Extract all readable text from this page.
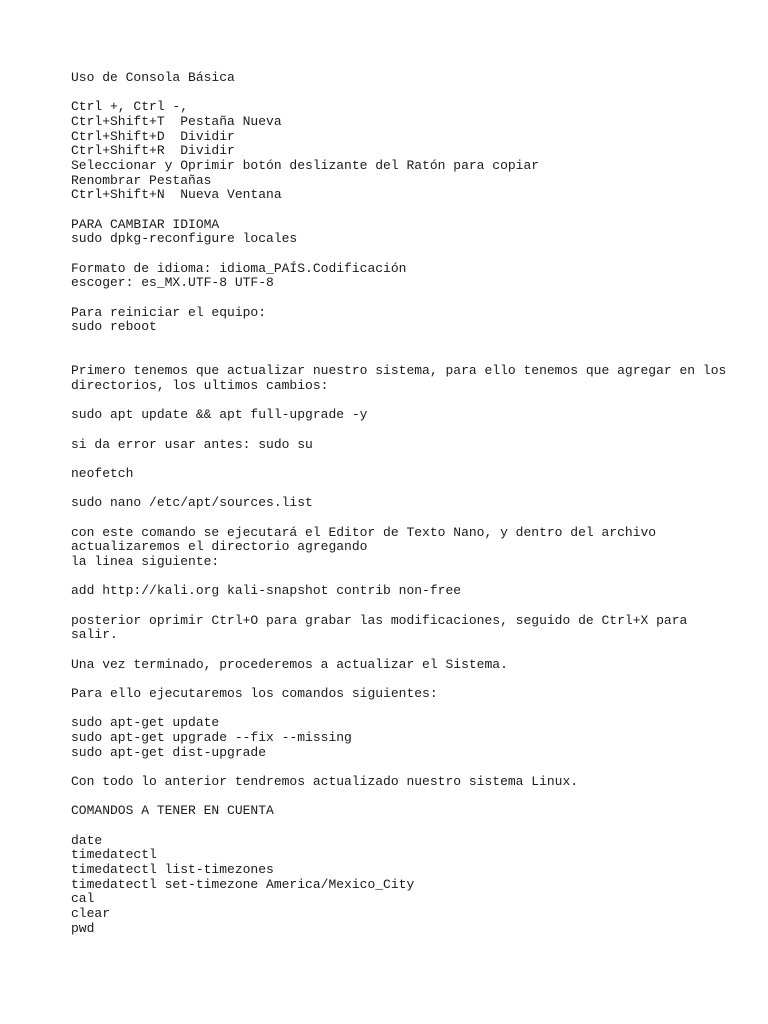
Uso de Consola Básica
Ctrl +, Ctrl -,
Ctrl+Shift+T  Pestaña Nueva
Ctrl+Shift+D  Dividir
Ctrl+Shift+R  Dividir
Seleccionar y Oprimir botón deslizante del Ratón para copiar
Renombrar Pestañas
Ctrl+Shift+N  Nueva Ventana
PARA CAMBIAR IDIOMA
sudo dpkg-reconfigure locales
Formato de idioma: idioma_PAÍS.Codificación
escoger: es_MX.UTF-8 UTF-8
Para reiniciar el equipo:
sudo reboot
Primero tenemos que actualizar nuestro sistema, para ello tenemos que agregar en los directorios, los ultimos cambios:
sudo apt update && apt full-upgrade -y
si da error usar antes: sudo su
neofetch
sudo nano /etc/apt/sources.list
con este comando se ejecutará el Editor de Texto Nano, y dentro del archivo
actualizaremos el directorio agregando
la linea siguiente:
add http://kali.org kali-snapshot contrib non-free
posterior oprimir Ctrl+O para grabar las modificaciones, seguido de Ctrl+X para salir.
Una vez terminado, procederemos a actualizar el Sistema.
Para ello ejecutaremos los comandos siguientes:
sudo apt-get update
sudo apt-get upgrade --fix --missing
sudo apt-get dist-upgrade
Con todo lo anterior tendremos actualizado nuestro sistema Linux.
COMANDOS A TENER EN CUENTA
date
timedatectl
timedatectl list-timezones
timedatectl set-timezone America/Mexico_City
cal
clear
pwd
